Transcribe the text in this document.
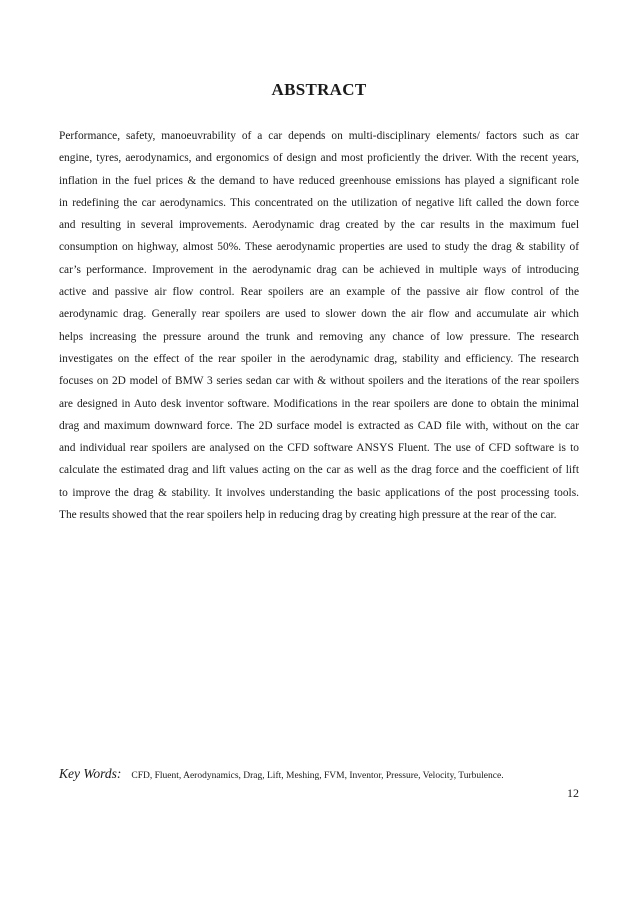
ABSTRACT
Performance, safety, manoeuvrability of a car depends on multi-disciplinary elements/ factors such as car
engine, tyres, aerodynamics, and ergonomics of design and most proficiently the driver. With the recent years,
inflation in the fuel prices & the demand to have reduced greenhouse emissions has played a significant role
in redefining the car aerodynamics. This concentrated on the utilization of negative lift called the down force
and resulting in several improvements. Aerodynamic drag created by the car results in the maximum fuel
consumption on highway, almost 50%. These aerodynamic properties are used to study the drag & stability of
car’s performance. Improvement in the aerodynamic drag can be achieved in multiple ways of introducing
active and passive air flow control. Rear spoilers are an example of the passive air flow control of the
aerodynamic drag. Generally rear spoilers are used to slower down the air flow and accumulate air which
helps increasing the pressure around the trunk and removing any chance of low pressure. The research
investigates on the effect of the rear spoiler in the aerodynamic drag, stability and efficiency. The research
focuses on 2D model of BMW 3 series sedan car with & without spoilers and the iterations of the rear spoilers
are designed in Auto desk inventor software. Modifications in the rear spoilers are done to obtain the minimal
drag and maximum downward force. The 2D surface model is extracted as CAD file with, without on the car
and individual rear spoilers are analysed on the CFD software ANSYS Fluent. The use of CFD software is to
calculate the estimated drag and lift values acting on the car as well as the drag force and the coefficient of lift
to improve the drag & stability. It involves understanding the basic applications of the post processing tools.
The results showed that the rear spoilers help in reducing drag by creating high pressure at the rear of the car.
Key Words: CFD, Fluent, Aerodynamics, Drag, Lift, Meshing, FVM, Inventor, Pressure, Velocity, Turbulence.
12
